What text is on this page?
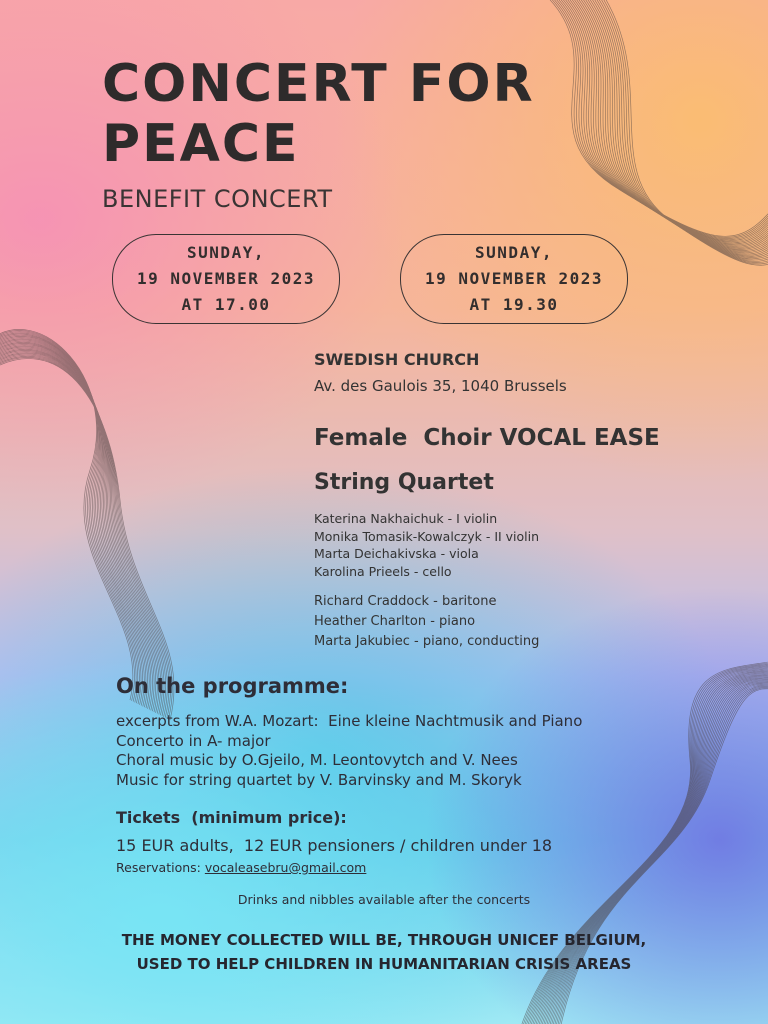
CONCERT FOR PEACE
BENEFIT CONCERT
SUNDAY,
19 NOVEMBER 2023
AT 17.00
SUNDAY,
19 NOVEMBER 2023
AT 19.30
SWEDISH CHURCH
Av. des Gaulois 35, 1040 Brussels
Female  Choir VOCAL EASE
String Quartet
Katerina Nakhaichuk - I violin
Monika Tomasik-Kowalczyk - II violin
Marta Deichakivska - viola
Karolina Prieels - cello
Richard Craddock - baritone
Heather Charlton - piano
Marta Jakubiec - piano, conducting
On the programme:
excerpts from W.A. Mozart:  Eine kleine Nachtmusik and Piano
Concerto in A- major
Choral music by O.Gjeilo, M. Leontovytch and V. Nees
Music for string quartet by V. Barvinsky and M. Skoryk
Tickets  (minimum price):
15 EUR adults,  12 EUR pensioners / children under 18
Reservations: vocaleasebru@gmail.com
Drinks and nibbles available after the concerts
THE MONEY COLLECTED WILL BE, THROUGH UNICEF BELGIUM,
USED TO HELP CHILDREN IN HUMANITARIAN CRISIS AREAS
